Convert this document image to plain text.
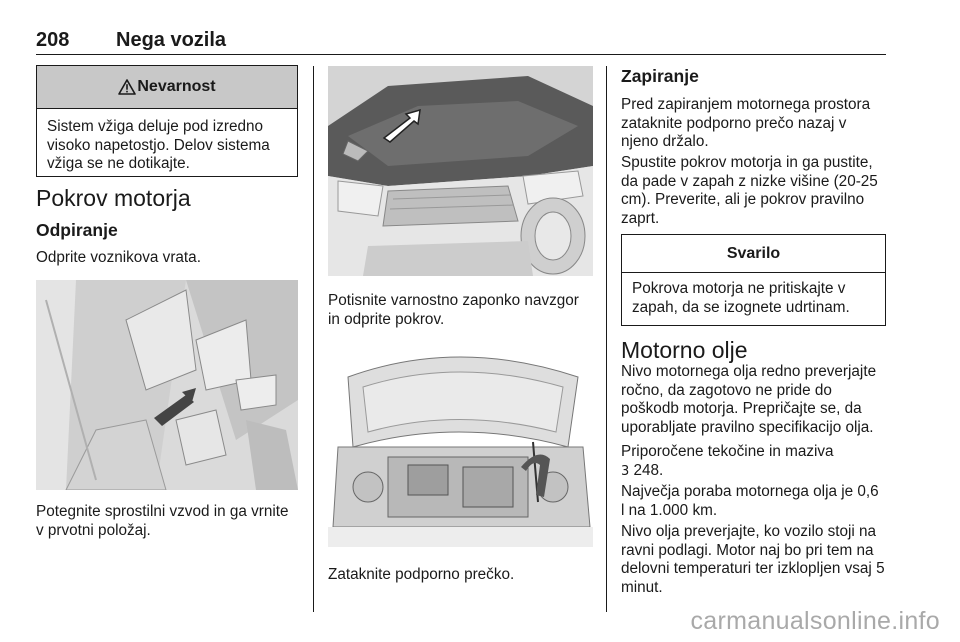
208 Nega vozila
Nevarnost

Sistem vžiga deluje pod izredno visoko napetostjo. Delov sistema vžiga se ne dotikajte.

Pokrov motorja
Odpiranje

Odprite voznikova vrata.

Potegnite sprostilni vzvod in ga vrnite v prvotni položaj.

Potisnite varnostno zaponko navzgor in odprite pokrov.

Zataknite podporno prečko.

Zapiranje

Pred zapiranjem motornega prostora zataknite podporno prečo nazaj v njeno držalo.

Spustite pokrov motorja in ga pustite, da pade v zapah z nizke višine (20-25 cm). Preverite, ali je pokrov pravilno zaprt.

Svarilo

Pokrova motorja ne pritiskajte v zapah, da se izognete udrtinam.

Motorno olje

Nivo motornega olja redno preverjajte ročno, da zagotovo ne pride do poškodb motorja. Prepričajte se, da uporabljate pravilno specifikacijo olja.

Priporočene tekočine in maziva
3 248.

Največja poraba motornega olja je 0,6 l na 1.000 km.

Nivo olja preverjajte, ko vozilo stoji na ravni podlagi. Motor naj bo pri tem na delovni temperaturi ter izklopljen vsaj 5 minut.

carmanualsonline.info
